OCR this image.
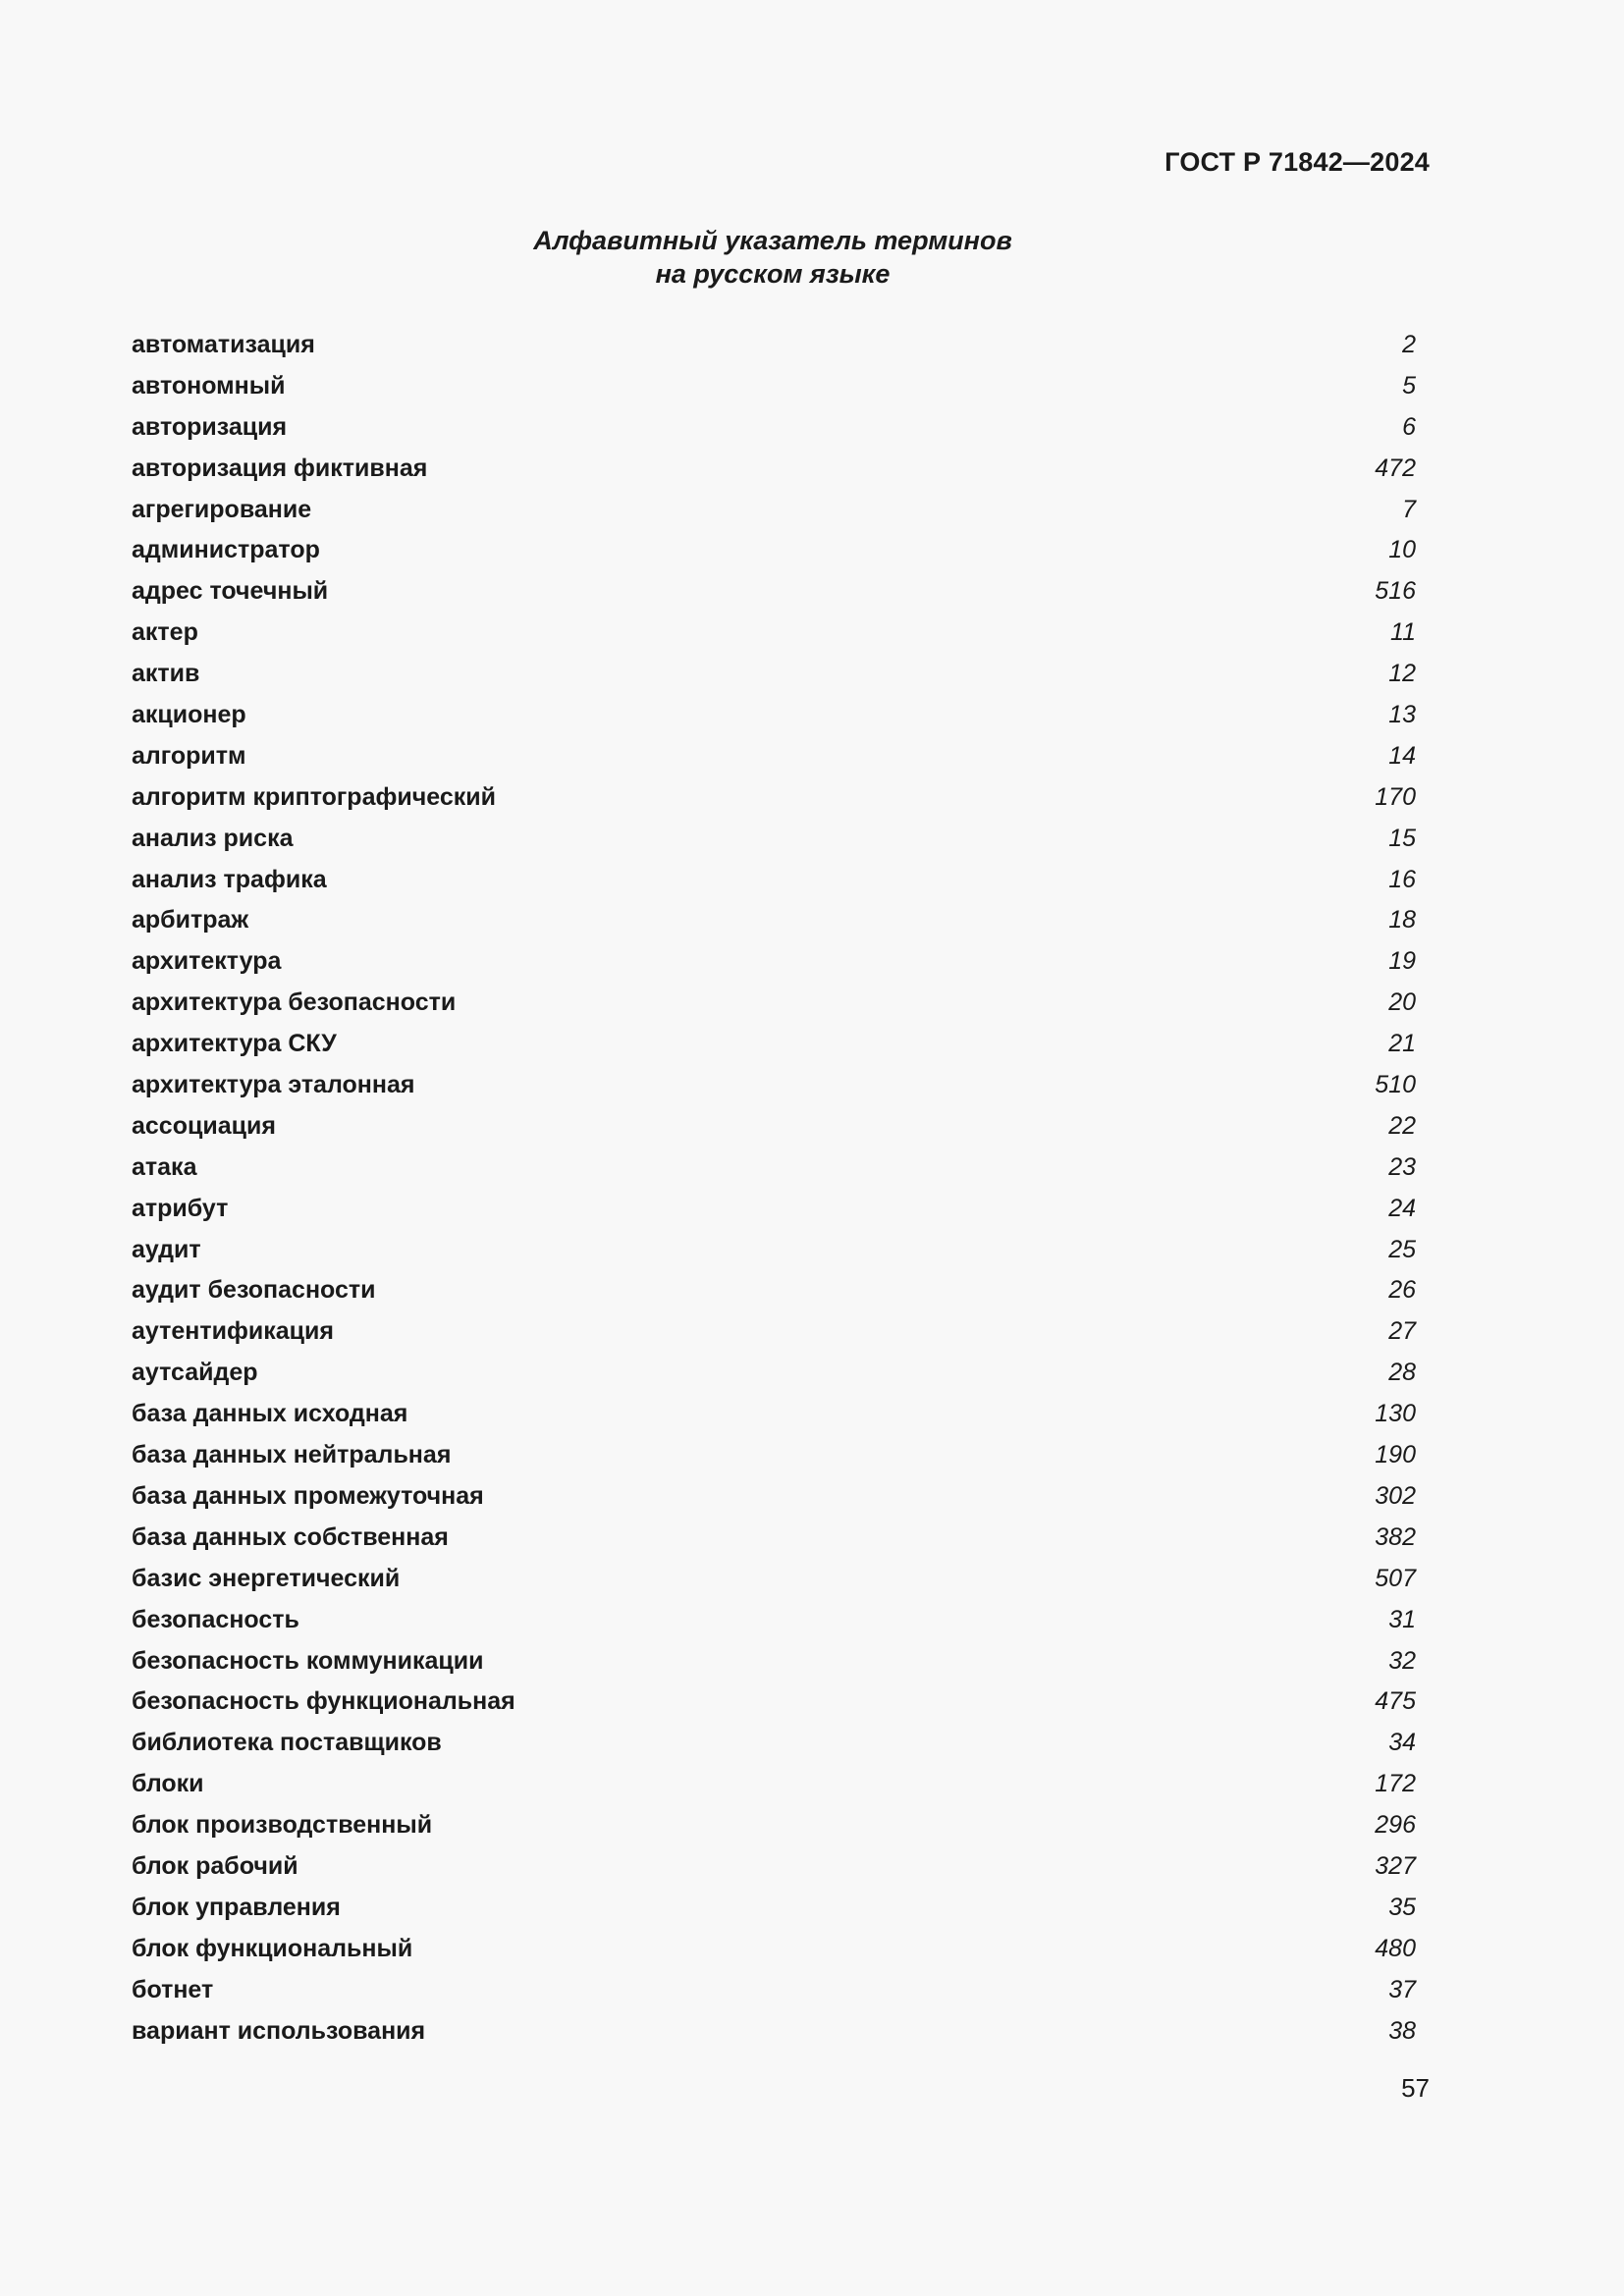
ГОСТ Р 71842—2024
Алфавитный указатель терминов
на русском языке
автоматизация	2
автономный	5
авторизация	6
авторизация фиктивная	472
агрегирование	7
администратор	10
адрес точечный	516
актер	11
актив	12
акционер	13
алгоритм	14
алгоритм криптографический	170
анализ риска	15
анализ трафика	16
арбитраж	18
архитектура	19
архитектура безопасности	20
архитектура СКУ	21
архитектура эталонная	510
ассоциация	22
атака	23
атрибут	24
аудит	25
аудит безопасности	26
аутентификация	27
аутсайдер	28
база данных исходная	130
база данных нейтральная	190
база данных промежуточная	302
база данных собственная	382
базис энергетический	507
безопасность	31
безопасность коммуникации	32
безопасность функциональная	475
библиотека поставщиков	34
блоки	172
блок производственный	296
блок рабочий	327
блок управления	35
блок функциональный	480
ботнет	37
вариант использования	38
57
